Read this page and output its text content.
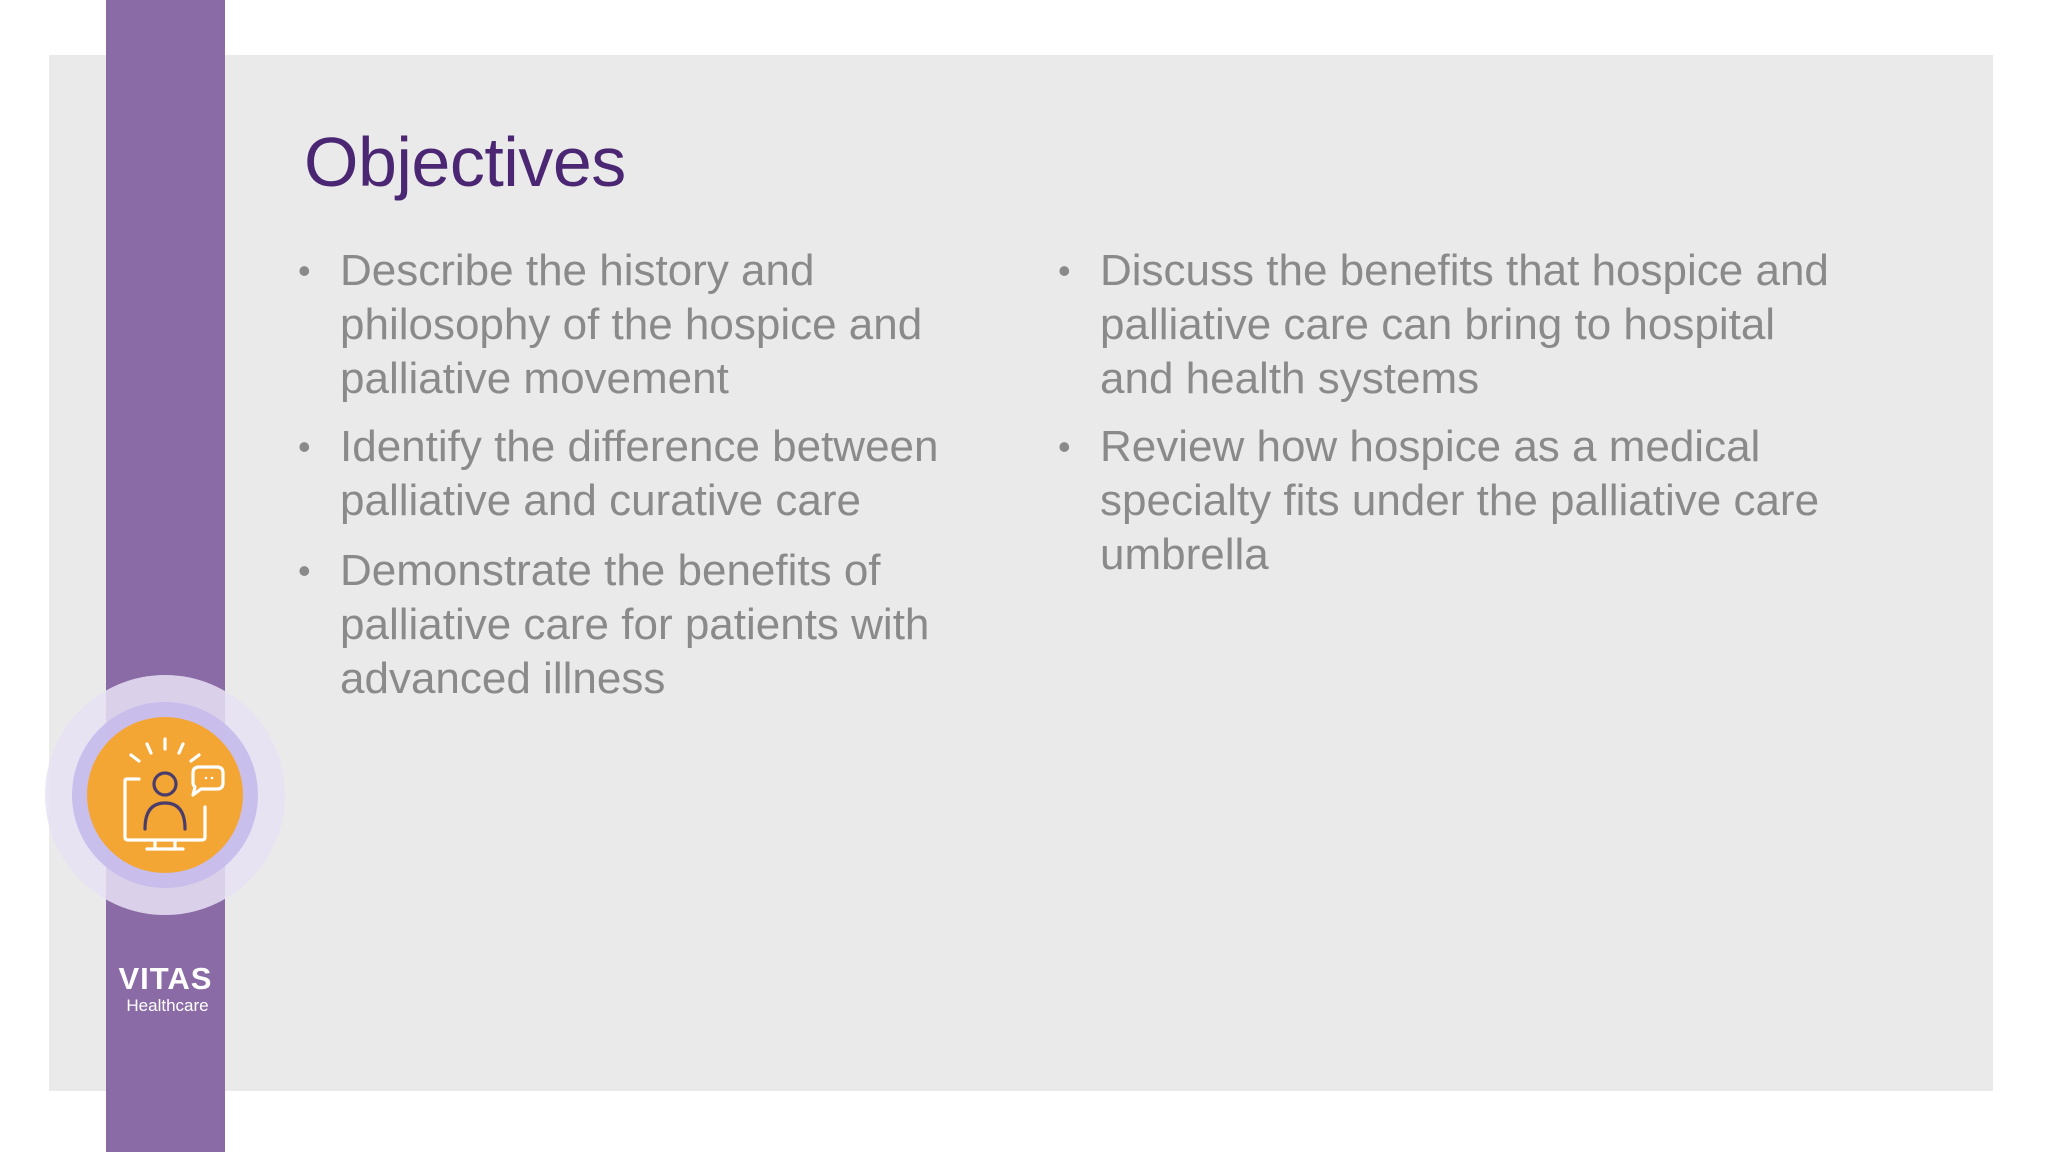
Objectives
• Describe the history and philosophy of the hospice and palliative movement
• Identify the difference between palliative and curative care
• Demonstrate the benefits of palliative care for patients with advanced illness
• Discuss the benefits that hospice and palliative care can bring to hospital and health systems
• Review how hospice as a medical specialty fits under the palliative care umbrella
VITAS
Healthcare
